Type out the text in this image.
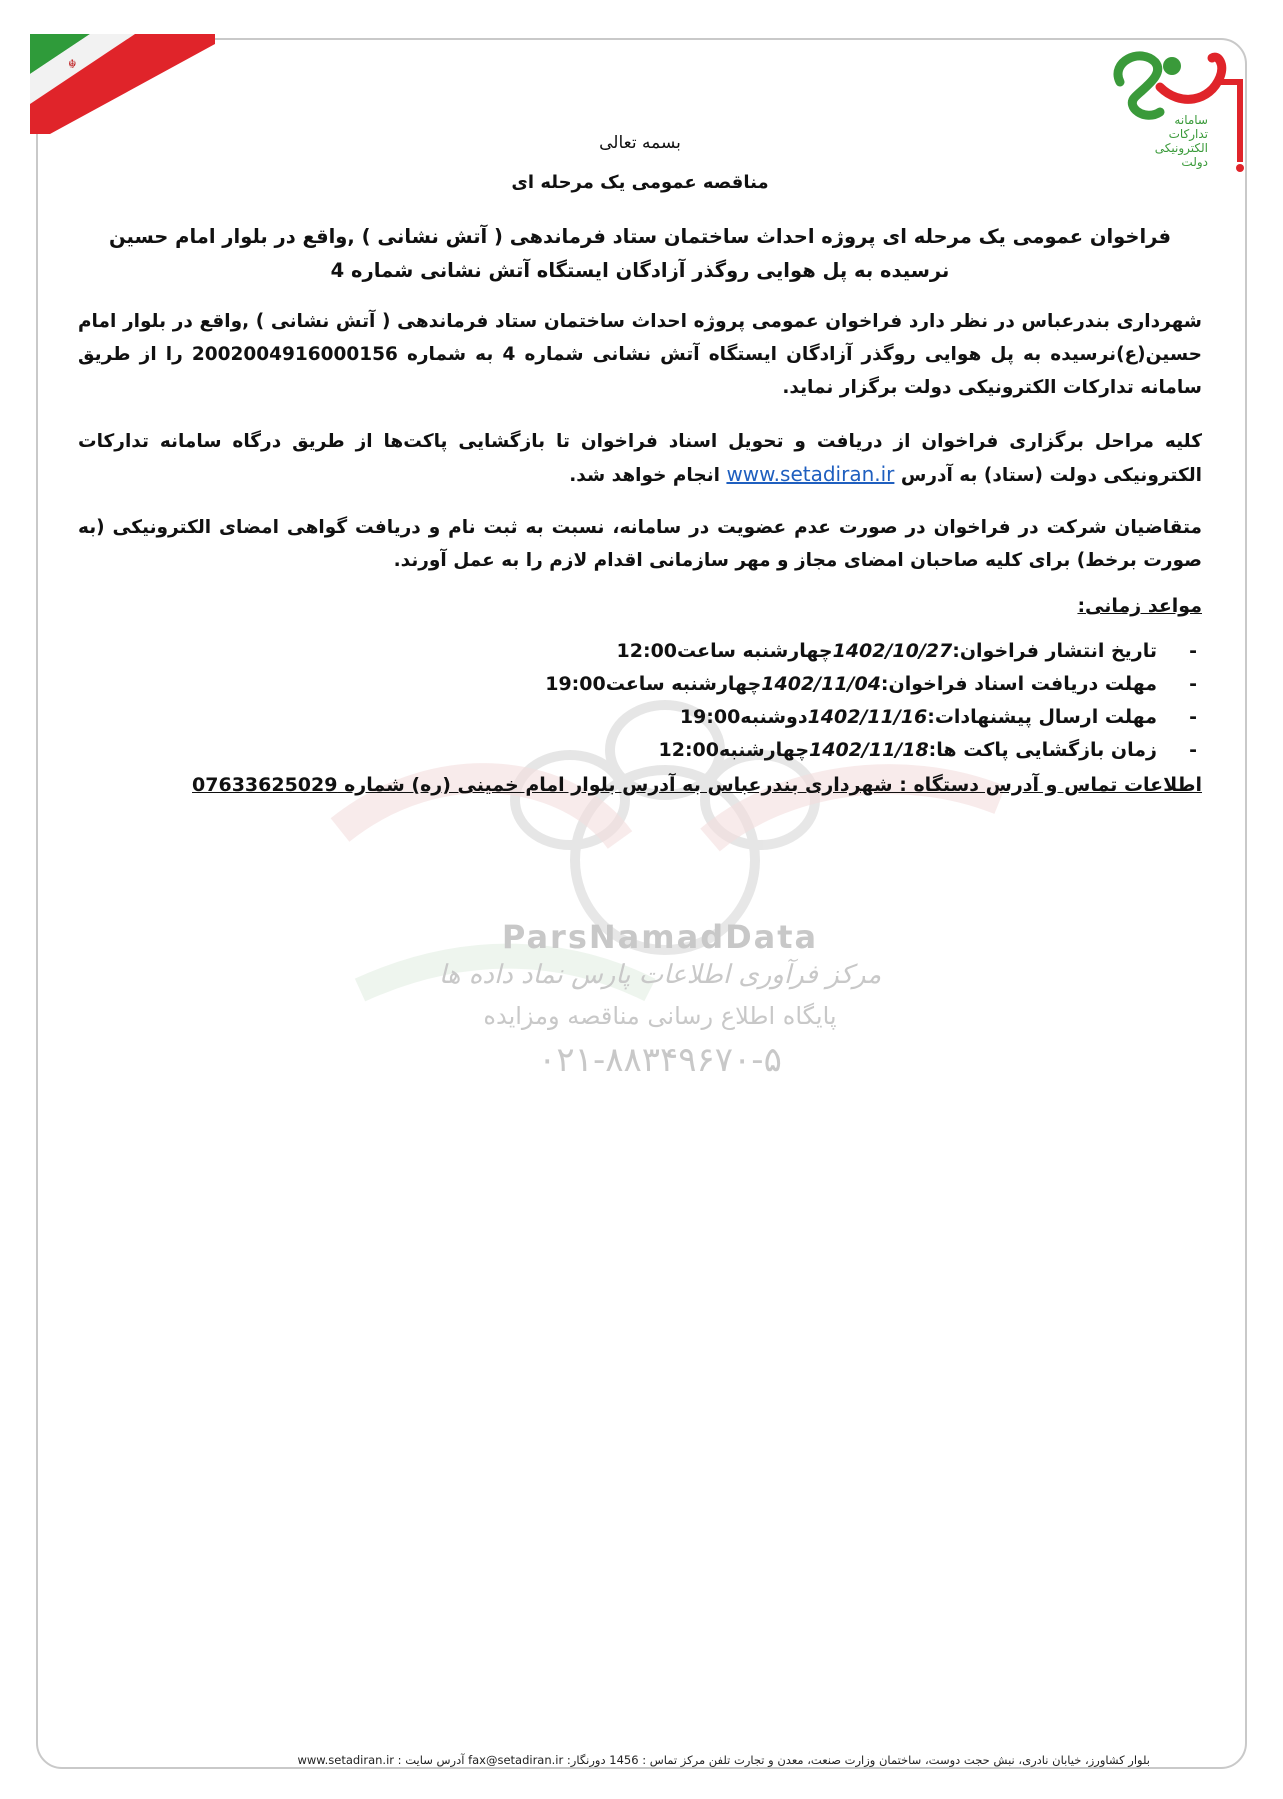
☬
سامانه
تدارکات
الکترونیکی
دولت
ParsNamadData
مرکز فرآوری اطلاعات پارس نماد داده ها
پایگاه اطلاع رسانی مناقصه ومزایده
۰۲۱-۸۸۳۴۹۶۷۰-۵
بسمه تعالی
مناقصه عمومی یک مرحله ای
فراخوان عمومی یک مرحله ای پروژه احداث ساختمان ستاد فرماندهی ( آتش نشانی ) ,واقع در بلوار امام حسین نرسیده به پل هوایی روگذر آزادگان ایستگاه آتش نشانی شماره 4
شهرداری بندرعباس در نظر دارد فراخوان عمومی پروژه احداث ساختمان ستاد فرماندهی ( آتش نشانی ) ,واقع در بلوار امام حسین(ع)نرسیده به پل هوایی روگذر آزادگان ایستگاه آتش نشانی شماره 4 به شماره 2002004916000156 را از طریق سامانه تدارکات الکترونیکی دولت برگزار نماید.
کلیه مراحل برگزاری فراخوان از دریافت و تحویل اسناد فراخوان تا بازگشایی پاکت‌ها از طریق درگاه سامانه تدارکات الکترونیکی دولت (ستاد) به آدرس www.setadiran.ir انجام خواهد شد.
متقاضیان شرکت در فراخوان در صورت عدم عضویت در سامانه، نسبت به ثبت نام و دریافت گواهی امضای الکترونیکی (به صورت برخط) برای کلیه صاحبان امضای مجاز و مهر سازمانی اقدام لازم را به عمل آورند.
مواعد زمانی:
-
تاریخ انتشار فراخوان:
1402/10/27
چهارشنبه ساعت
12:00
-
مهلت دریافت اسناد فراخوان:
1402/11/04
چهارشنبه ساعت
19:00
-
مهلت ارسال پیشنهادات:
1402/11/16
دوشنبه
19:00
-
زمان بازگشایی پاکت ها:
1402/11/18
چهارشنبه
12:00
اطلاعات تماس و آدرس دستگاه : شهرداری بندرعباس به آدرس بلوار امام خمینی (ره) شماره 07633625029
بلوار کشاورز، خیابان نادری، نبش حجت دوست، ساختمان وزارت صنعت، معدن و تجارت تلفن مرکز تماس : 1456 دورنگار: fax@setadiran.ir آدرس سایت : www.setadiran.ir
